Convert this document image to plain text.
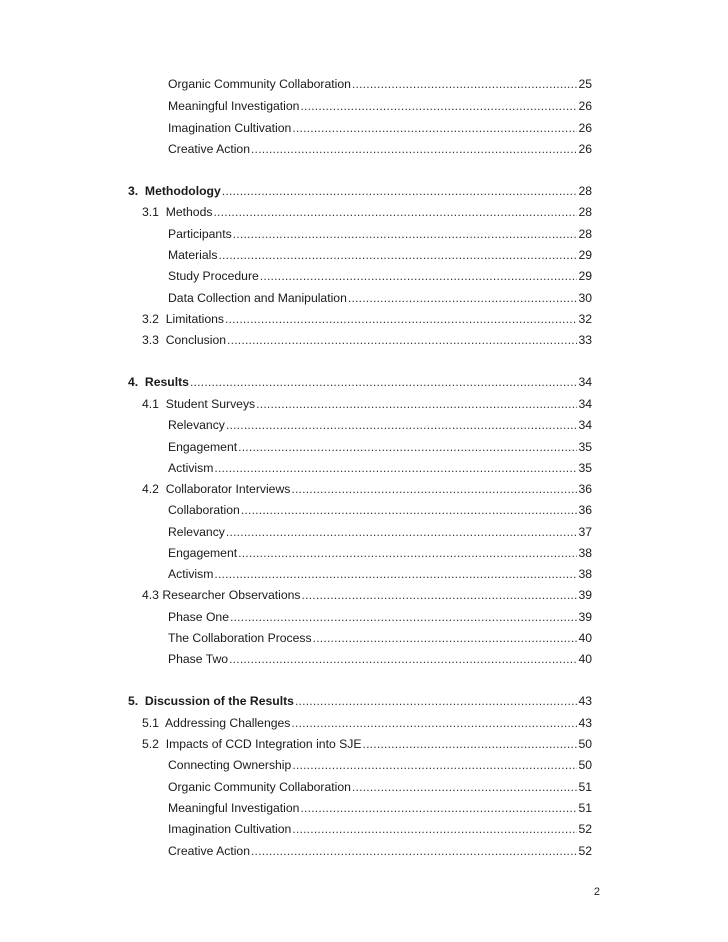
Organic Community Collaboration .....	25
Meaningful Investigation .....	26
Imagination Cultivation .....	26
Creative Action .....	26
3.  Methodology .....	28
3.1  Methods .....	28
Participants .....	28
Materials .....	29
Study Procedure .....	29
Data Collection and Manipulation .....	30
3.2  Limitations .....	32
3.3  Conclusion .....	33
4.  Results .....	34
4.1  Student Surveys .....	34
Relevancy .....	34
Engagement .....	35
Activism .....	35
4.2  Collaborator Interviews .....	36
Collaboration .....	36
Relevancy .....	37
Engagement .....	38
Activism .....	38
4.3 Researcher Observations .....	39
Phase One .....	39
The Collaboration Process .....	40
Phase Two .....	40
5.  Discussion of the Results .....	43
5.1  Addressing Challenges .....	43
5.2  Impacts of CCD Integration into SJE .....	50
Connecting Ownership .....	50
Organic Community Collaboration .....	51
Meaningful Investigation .....	51
Imagination Cultivation .....	52
Creative Action .....	52
2
